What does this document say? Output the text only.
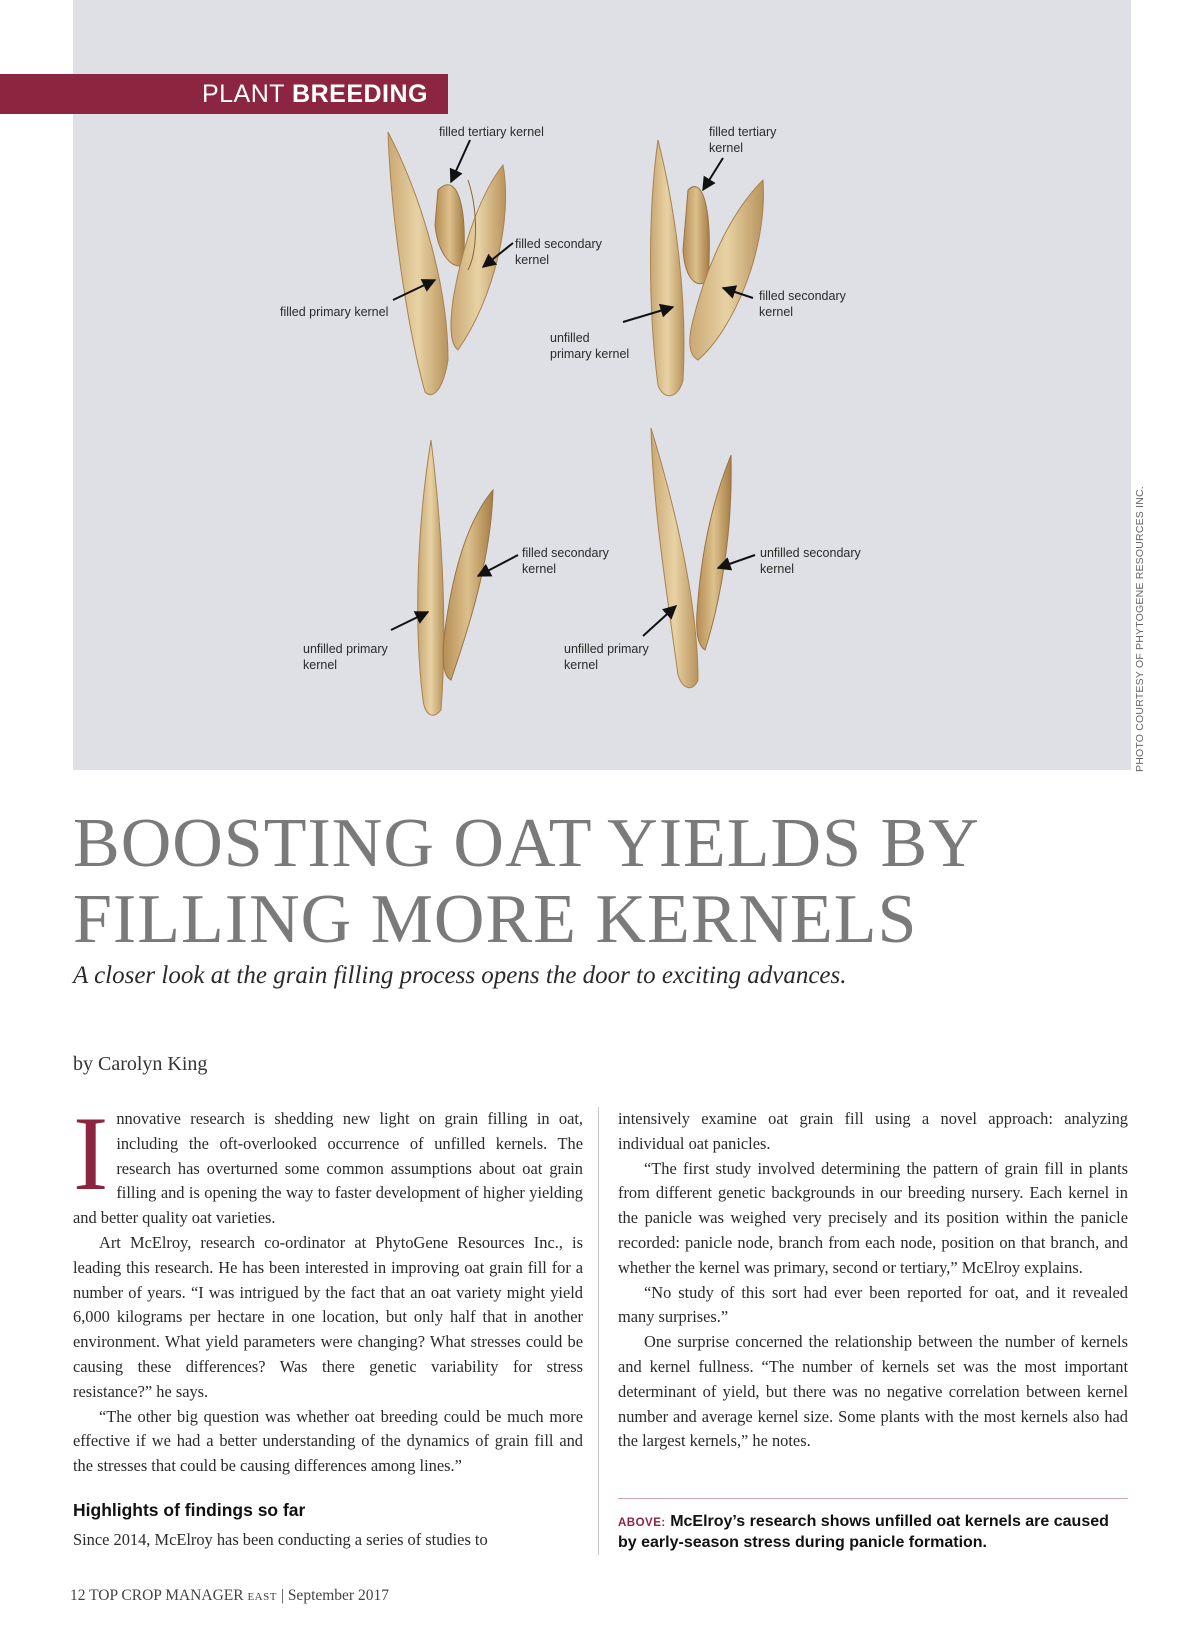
filled tertiary kernel	filled tertiary
kernel
filled secondary
kernel
filled primary kernel
filled secondary
kernel
unfilled
primary kernel
filled secondary
kernel
unfilled secondary
kernel
unfilled primary
kernel
unfilled primary
kernel
PLANT BREEDING
PHOTO COURTESY OF PHYTOGENE RESOURCES INC.
BOOSTING OAT YIELDS BY
FILLING MORE KERNELS
A closer look at the grain filling process opens the door to exciting advances.
by Carolyn King

Innovative research is shedding new light on grain filling in oat, including the oft-overlooked occurrence of unfilled kernels. The research has overturned some common assumptions about oat grain filling and is opening the way to faster development of higher yielding and better quality oat varieties.

Art McElroy, research co-ordinator at PhytoGene Resources Inc., is leading this research. He has been interested in improving oat grain fill for a number of years. “I was intrigued by the fact that an oat variety might yield 6,000 kilograms per hectare in one location, but only half that in another environment. What yield parameters were changing? What stresses could be causing these differences? Was there genetic variability for stress resistance?” he says.

“The other big question was whether oat breeding could be much more effective if we had a better understanding of the dynamics of grain fill and the stresses that could be causing differences among lines.”

Highlights of findings so far
Since 2014, McElroy has been conducting a series of studies to

intensively examine oat grain fill using a novel approach: analyzing individual oat panicles.

“The first study involved determining the pattern of grain fill in plants from different genetic backgrounds in our breeding nursery. Each kernel in the panicle was weighed very precisely and its position within the panicle recorded: panicle node, branch from each node, position on that branch, and whether the kernel was primary, second or tertiary,” McElroy explains.

“No study of this sort had ever been reported for oat, and it revealed many surprises.”

One surprise concerned the relationship between the number of kernels and kernel fullness. “The number of kernels set was the most important determinant of yield, but there was no negative correlation between kernel number and average kernel size. Some plants with the most kernels also had the largest kernels,” he notes.

ABOVE: McElroy’s research shows unfilled oat kernels are caused by early-season stress during panicle formation.
12 TOP CROP MANAGER EAST | September 2017
